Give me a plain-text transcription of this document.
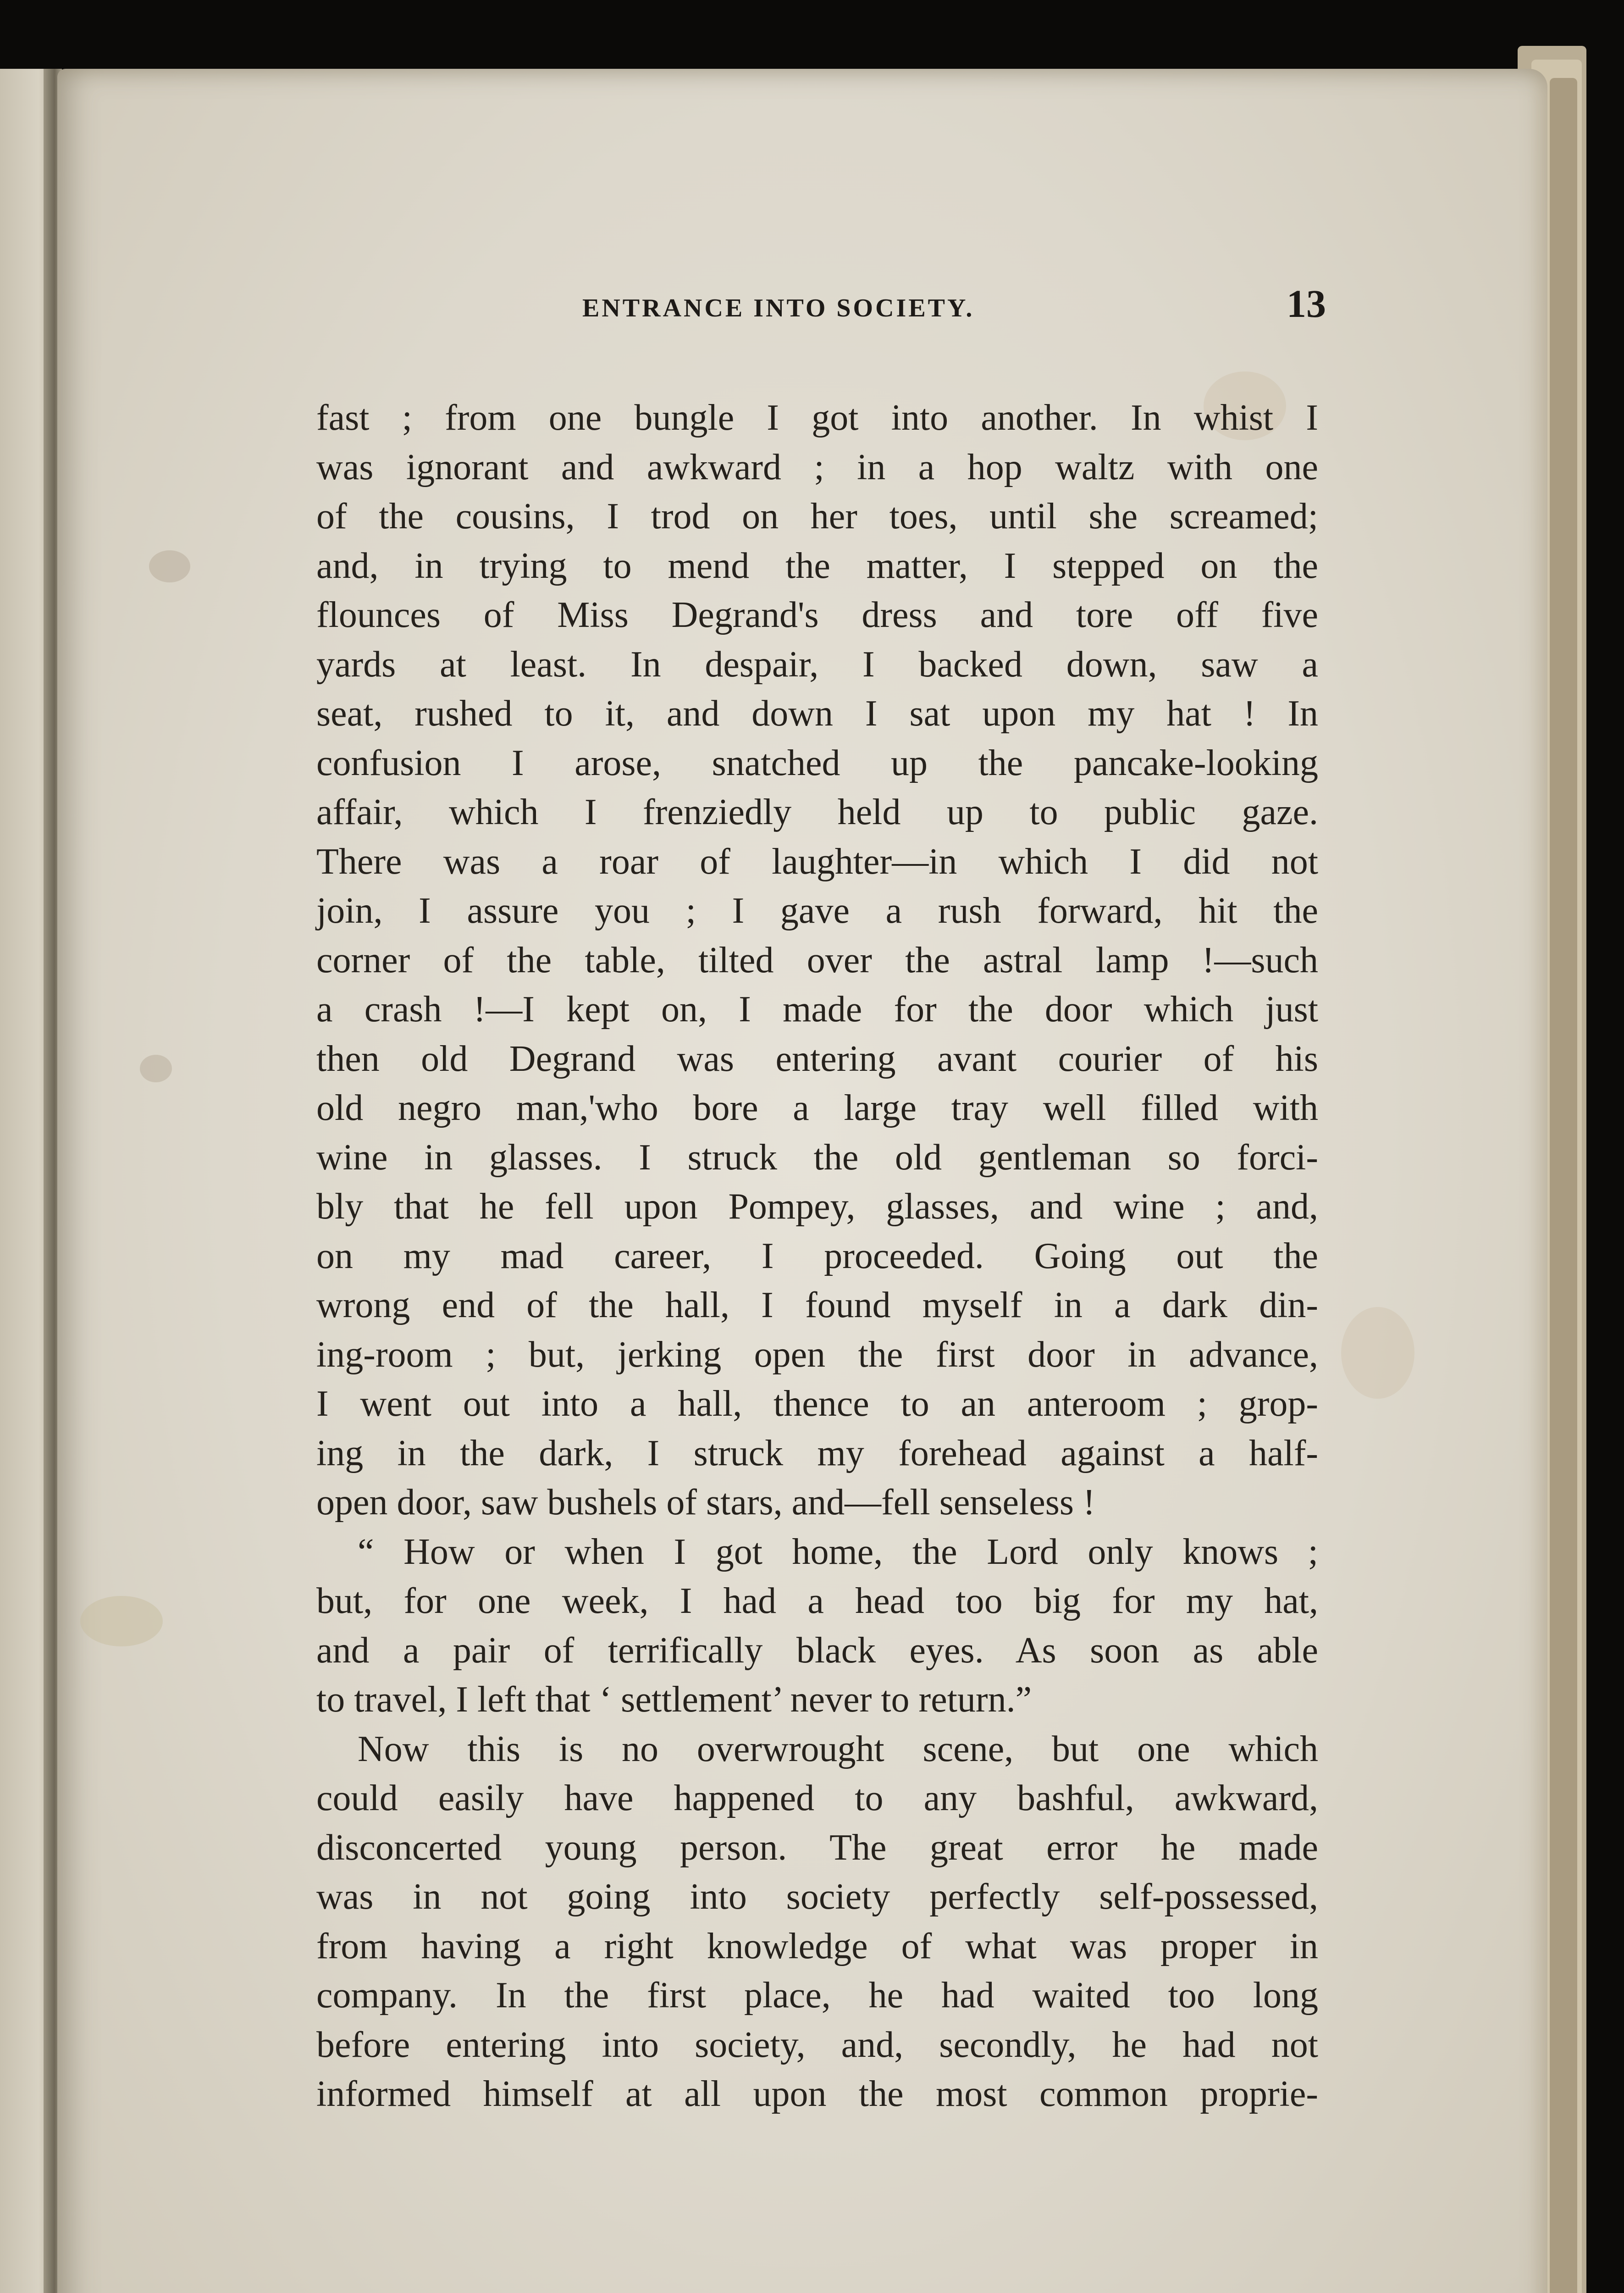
ENTRANCE INTO SOCIETY.	13
fast ; from one bungle I got into another. In whist I
was ignorant and awkward ; in a hop waltz with one
of the cousins, I trod on her toes, until she screamed;
and, in trying to mend the matter, I stepped on the
flounces of Miss Degrand's dress and tore off five
yards at least. In despair, I backed down, saw a
seat, rushed to it, and down I sat upon my hat ! In
confusion I arose, snatched up the pancake-looking
affair, which I frenziedly held up to public gaze.
There was a roar of laughter—in which I did not
join, I assure you ; I gave a rush forward, hit the
corner of the table, tilted over the astral lamp !—such
a crash !—I kept on, I made for the door which just
then old Degrand was entering avant courier of his
old negro man,'who bore a large tray well filled with
wine in glasses. I struck the old gentleman so forci-
bly that he fell upon Pompey, glasses, and wine ; and,
on my mad career, I proceeded. Going out the
wrong end of the hall, I found myself in a dark din-
ing-room ; but, jerking open the first door in advance,
I went out into a hall, thence to an anteroom ; grop-
ing in the dark, I struck my forehead against a half-
open door, saw bushels of stars, and—fell senseless !
“ How or when I got home, the Lord only knows ;
but, for one week, I had a head too big for my hat,
and a pair of terrifically black eyes. As soon as able
to travel, I left that ‘ settlement’ never to return.”
Now this is no overwrought scene, but one which
could easily have happened to any bashful, awkward,
disconcerted young person. The great error he made
was in not going into society perfectly self-possessed,
from having a right knowledge of what was proper in
company. In the first place, he had waited too long
before entering into society, and, secondly, he had not
informed himself at all upon the most common proprie-
